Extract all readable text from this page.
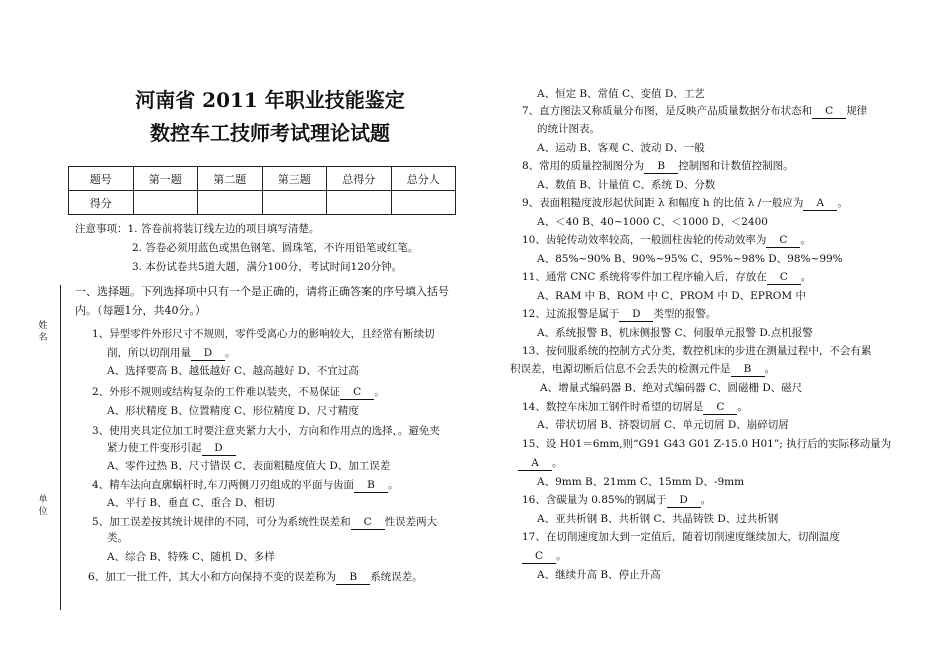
姓名
单位
河南省 2011 年职业技能鉴定
数控车工技师考试理论试题
题号	第一题	第二题	第三题	总得分	总分人
得分					
注意事项：1. 答卷前将装订线左边的项目填写清楚。
2. 答卷必须用蓝色或黑色钢笔、圆珠笔，不许用铅笔或红笔。
3. 本份试卷共5道大题，满分100分，考试时间120分钟。
一、选择题。下列选择项中只有一个是正确的，请将正确答案的序号填入括号
内。（每题1分，共40分。）
1、异型零件外形尺寸不规则，零件受离心力的影响较大，且经常有断续切
削，所以切削用量 D 。
A、选择要高 B、越低越好 C、越高越好 D、不宜过高
2、外形不规则或结构复杂的工件难以装夹，不易保证 C 。
A、形状精度 B、位置精度 C、形位精度 D、尺寸精度
3、使用夹具定位加工时要注意夹紧力大小，方向和作用点的选择，。避免夹
紧力使工件变形引起 D
A、零件过热 B、尺寸错误 C、表面粗糙度值大 D、加工误差
4、精车法向直廓蜗杆时,车刀两侧刀刃组成的平面与齿面 B 。
A、平行 B、垂直 C、重合 D、相切
5、加工误差按其统计规律的不同，可分为系统性误差和 C 性误差两大
类。
A、综合 B、特殊 C、随机 D、多样
6、加工一批工件，其大小和方向保持不变的误差称为 B 系统误差。
A、恒定 B、常值 C、变值 D、工艺
7、直方图法又称质量分布图，是反映产品质量数据分布状态和 C 规律
的统计图表。
A、运动 B、客观 C、波动 D、一般
8、常用的质量控制图分为 B 控制图和计数值控制图。
A、数值 B、计量值 C、系统 D、分数
9、表面粗糙度波形起伏间距 λ 和幅度 h 的比值 λ /一般应为 A 。
A、＜40 B、40~1000 C、＜1000 D、＜2400
10、齿轮传动效率较高，一般圆柱齿轮的传动效率为 C 。
A、85%~90% B、90%~95% C、95%~98% D、98%~99%
11、通常 CNC 系统将零件加工程序输入后，存放在 C 。
A、RAM 中 B、ROM 中 C、PROM 中 D、EPROM 中
12、过流报警是属于 D 类型的报警。
A、系统报警 B、机床侧报警 C、伺服单元报警 D.点机报警
13、按伺服系统的控制方式分类，数控机床的步进在测量过程中，不会有累
积误差，电源切断后信息不会丢失的检测元件是 B 。
A、增量式编码器 B、绝对式编码器 C、圆磁栅 D、磁尺
14、数控车床加工钢件时希望的切屑是 C 。
A、带状切屑 B、挤裂切屑 C、单元切屑 D、崩碎切屑
15、设 H01＝6mm,则“G91 G43 G01 Z-15.0 H01”; 执行后的实际移动量为
A 。
A、9mm B、21mm C、15mm D、-9mm
16、含碳量为 0.85%的钢属于 D 。
A、亚共析钢 B、共析钢 C、共晶铸铁 D、过共析钢
17、在切削速度加大到一定值后，随着切削速度继续加大，切削温度
C 。
A、继续升高 B、停止升高
